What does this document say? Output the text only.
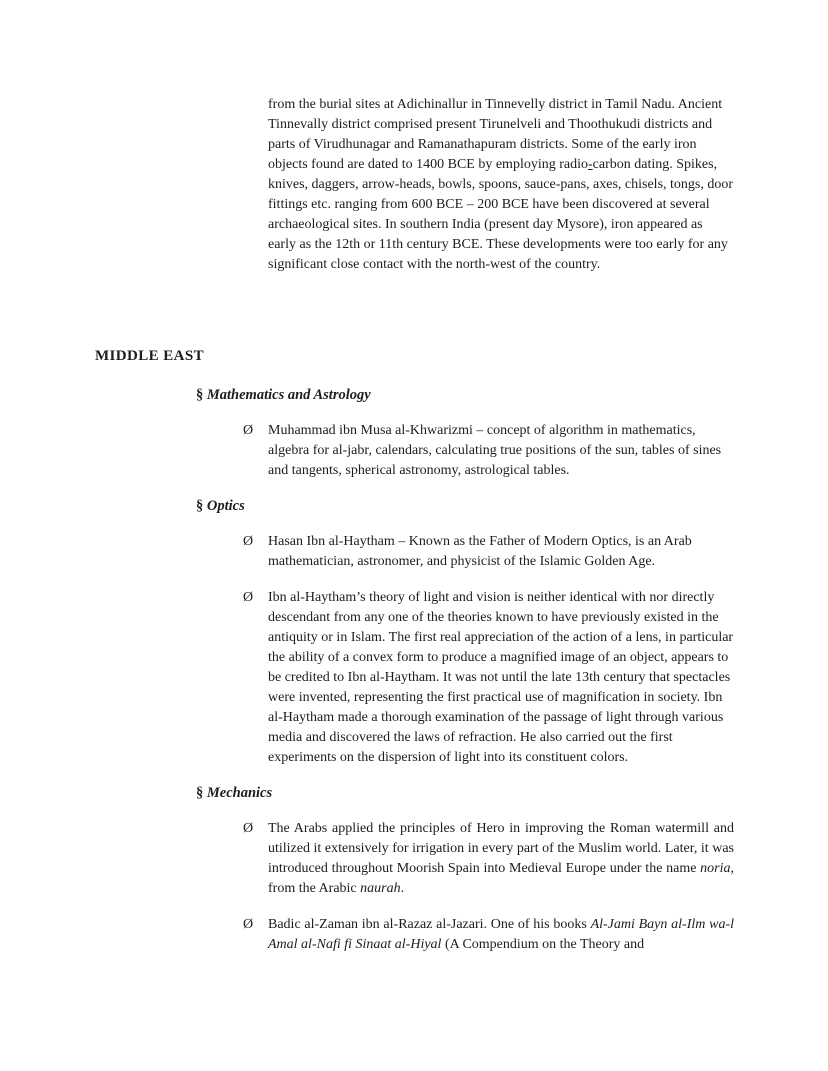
from the burial sites at Adichinallur in Tinnevelly district in Tamil Nadu. Ancient Tinnevally district comprised present Tirunelveli and Thoothukudi districts and parts of Virudhunagar and Ramanathapuram districts. Some of the early iron objects found are dated to 1400 BCE by employing radio-carbon dating. Spikes, knives, daggers, arrow-heads, bowls, spoons, sauce-pans, axes, chisels, tongs, door fittings etc. ranging from 600 BCE – 200 BCE have been discovered at several archaeological sites. In southern India (present day Mysore), iron appeared as early as the 12th or 11th century BCE. These developments were too early for any significant close contact with the north-west of the country.
MIDDLE EAST
§ Mathematics and Astrology
Ø	Muhammad ibn Musa al-Khwarizmi – concept of algorithm in mathematics, algebra for al-jabr, calendars, calculating true positions of the sun, tables of sines and tangents, spherical astronomy, astrological tables.
§ Optics
Ø	Hasan Ibn al-Haytham – Known as the Father of Modern Optics, is an Arab mathematician, astronomer, and physicist of the Islamic Golden Age.
Ø	Ibn al-Haytham’s theory of light and vision is neither identical with nor directly descendant from any one of the theories known to have previously existed in the antiquity or in Islam. The first real appreciation of the action of a lens, in particular the ability of a convex form to produce a magnified image of an object, appears to be credited to Ibn al-Haytham. It was not until the late 13th century that spectacles were invented, representing the first practical use of magnification in society. Ibn al-Haytham made a thorough examination of the passage of light through various media and discovered the laws of refraction. He also carried out the first experiments on the dispersion of light into its constituent colors.
§ Mechanics
Ø	The Arabs applied the principles of Hero in improving the Roman watermill and utilized it extensively for irrigation in every part of the Muslim world. Later, it was introduced throughout Moorish Spain into Medieval Europe under the name noria, from the Arabic naurah.
Ø	Badic al-Zaman ibn al-Razaz al-Jazari. One of his books Al-Jami Bayn al-Ilm wa-l Amal al-Nafi fi Sinaat al-Hiyal (A Compendium on the Theory and
